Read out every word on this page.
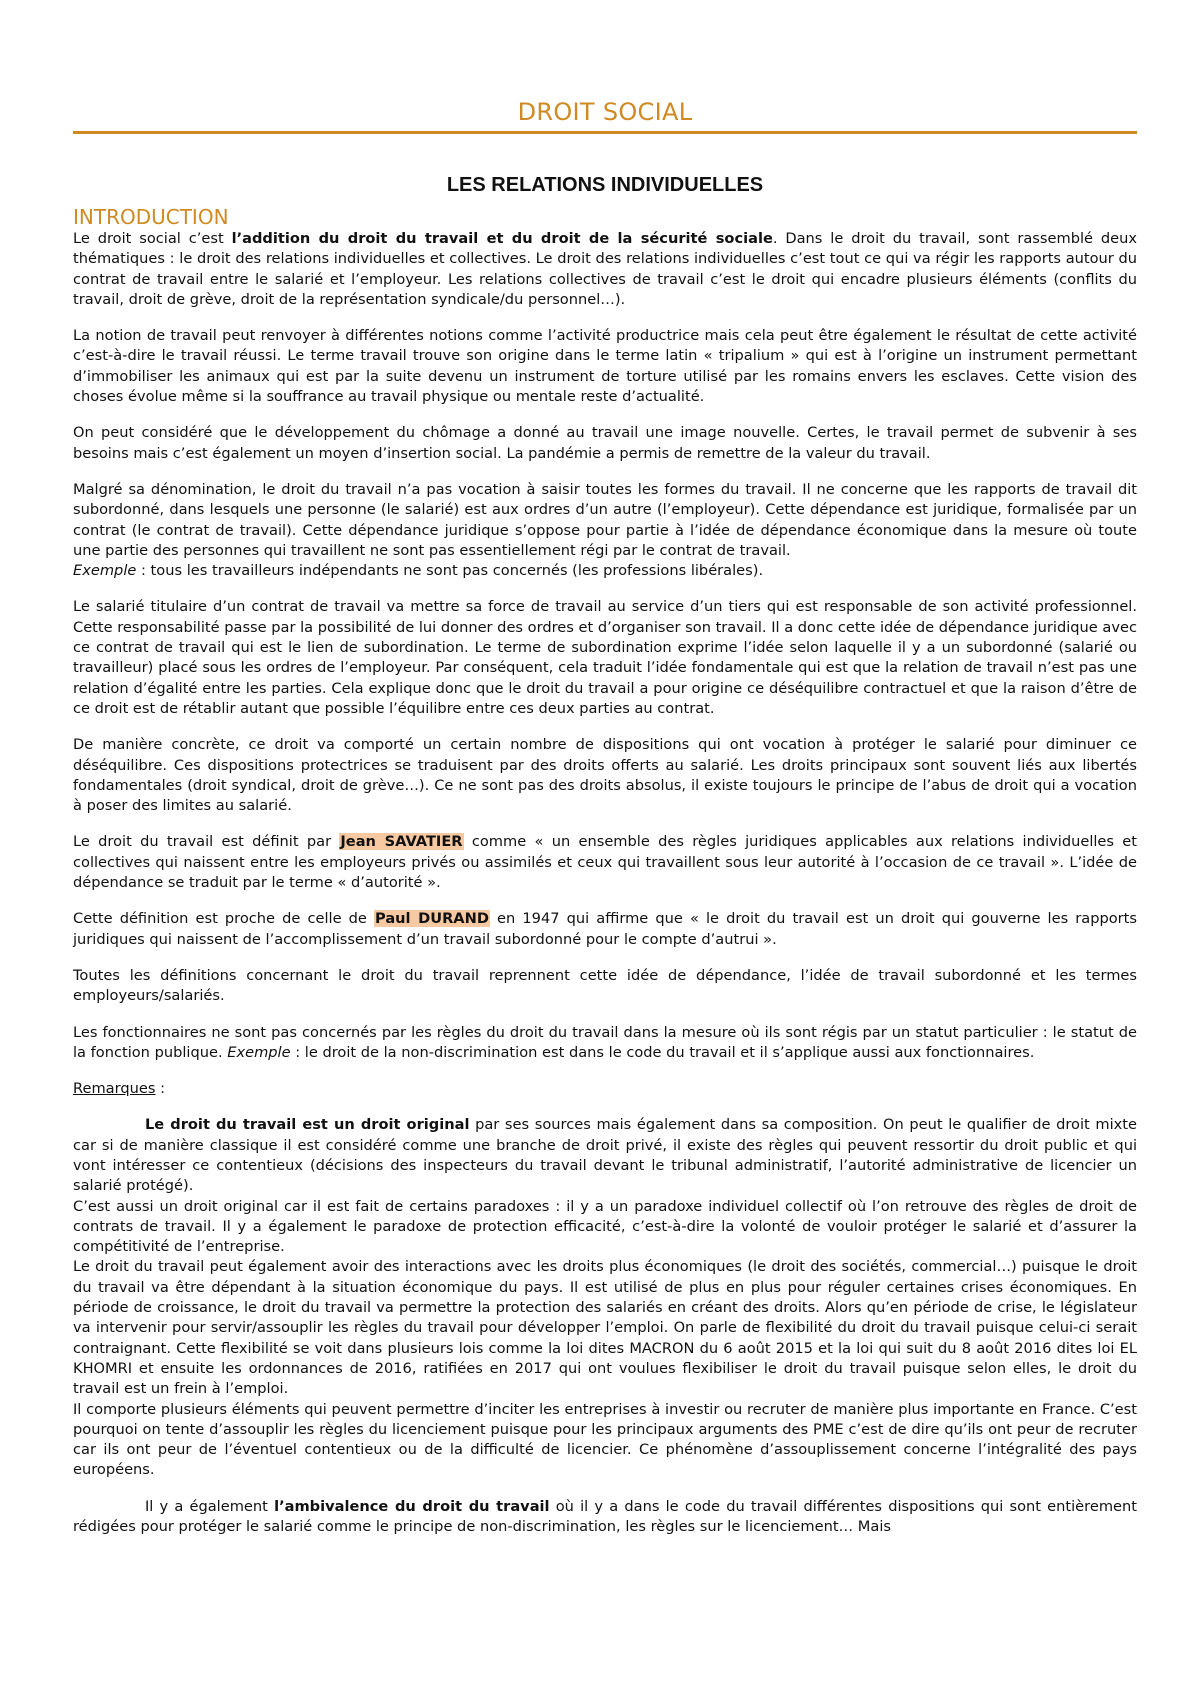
DROIT SOCIAL
LES RELATIONS INDIVIDUELLES
INTRODUCTION

Le droit social c’est l’addition du droit du travail et du droit de la sécurité sociale. Dans le droit du travail, sont rassemblé deux thématiques : le droit des relations individuelles et collectives. Le droit des relations individuelles c’est tout ce qui va régir les rapports autour du contrat de travail entre le salarié et l’employeur. Les relations collectives de travail c’est le droit qui encadre plusieurs éléments (conflits du travail, droit de grève, droit de la représentation syndicale/du personnel…).

La notion de travail peut renvoyer à différentes notions comme l’activité productrice mais cela peut être également le résultat de cette activité c’est-à-dire le travail réussi. Le terme travail trouve son origine dans le terme latin « tripalium » qui est à l’origine un instrument permettant d’immobiliser les animaux qui est par la suite devenu un instrument de torture utilisé par les romains envers les esclaves. Cette vision des choses évolue même si la souffrance au travail physique ou mentale reste d’actualité.

On peut considéré que le développement du chômage a donné au travail une image nouvelle. Certes, le travail permet de subvenir à ses besoins mais c’est également un moyen d’insertion social. La pandémie a permis de remettre de la valeur du travail.

Malgré sa dénomination, le droit du travail n’a pas vocation à saisir toutes les formes du travail. Il ne concerne que les rapports de travail dit subordonné, dans lesquels une personne (le salarié) est aux ordres d’un autre (l’employeur). Cette dépendance est juridique, formalisée par un contrat (le contrat de travail). Cette dépendance juridique s’oppose pour partie à l’idée de dépendance économique dans la mesure où toute une partie des personnes qui travaillent ne sont pas essentiellement régi par le contrat de travail.

Exemple : tous les travailleurs indépendants ne sont pas concernés (les professions libérales).

Le salarié titulaire d’un contrat de travail va mettre sa force de travail au service d’un tiers qui est responsable de son activité professionnel. Cette responsabilité passe par la possibilité de lui donner des ordres et d’organiser son travail. Il a donc cette idée de dépendance juridique avec ce contrat de travail qui est le lien de subordination. Le terme de subordination exprime l’idée selon laquelle il y a un subordonné (salarié ou travailleur) placé sous les ordres de l’employeur. Par conséquent, cela traduit l’idée fondamentale qui est que la relation de travail n’est pas une relation d’égalité entre les parties. Cela explique donc que le droit du travail a pour origine ce déséquilibre contractuel et que la raison d’être de ce droit est de rétablir autant que possible l’équilibre entre ces deux parties au contrat.

De manière concrète, ce droit va comporté un certain nombre de dispositions qui ont vocation à protéger le salarié pour diminuer ce déséquilibre. Ces dispositions protectrices se traduisent par des droits offerts au salarié. Les droits principaux sont souvent liés aux libertés fondamentales (droit syndical, droit de grève…). Ce ne sont pas des droits absolus, il existe toujours le principe de l’abus de droit qui a vocation à poser des limites au salarié.

Le droit du travail est définit par Jean SAVATIER comme « un ensemble des règles juridiques applicables aux relations individuelles et collectives qui naissent entre les employeurs privés ou assimilés et ceux qui travaillent sous leur autorité à l’occasion de ce travail ». L’idée de dépendance se traduit par le terme « d’autorité ».

Cette définition est proche de celle de Paul DURAND en 1947 qui affirme que « le droit du travail est un droit qui gouverne les rapports juridiques qui naissent de l’accomplissement d’un travail subordonné pour le compte d’autrui ».

Toutes les définitions concernant le droit du travail reprennent cette idée de dépendance, l’idée de travail subordonné et les termes employeurs/salariés.

Les fonctionnaires ne sont pas concernés par les règles du droit du travail dans la mesure où ils sont régis par un statut particulier : le statut de la fonction publique. Exemple : le droit de la non-discrimination est dans le code du travail et il s’applique aussi aux fonctionnaires.

Remarques :

Le droit du travail est un droit original par ses sources mais également dans sa composition. On peut le qualifier de droit mixte car si de manière classique il est considéré comme une branche de droit privé, il existe des règles qui peuvent ressortir du droit public et qui vont intéresser ce contentieux (décisions des inspecteurs du travail devant le tribunal administratif, l’autorité administrative de licencier un salarié protégé).

C’est aussi un droit original car il est fait de certains paradoxes : il y a un paradoxe individuel collectif où l’on retrouve des règles de droit de contrats de travail. Il y a également le paradoxe de protection efficacité, c’est-à-dire la volonté de vouloir protéger le salarié et d’assurer la compétitivité de l’entreprise.

Le droit du travail peut également avoir des interactions avec les droits plus économiques (le droit des sociétés, commercial…) puisque le droit du travail va être dépendant à la situation économique du pays. Il est utilisé de plus en plus pour réguler certaines crises économiques. En période de croissance, le droit du travail va permettre la protection des salariés en créant des droits. Alors qu’en période de crise, le législateur va intervenir pour servir/assouplir les règles du travail pour développer l’emploi. On parle de flexibilité du droit du travail puisque celui-ci serait contraignant. Cette flexibilité se voit dans plusieurs lois comme la loi dites MACRON du 6 août 2015 et la loi qui suit du 8 août 2016 dites loi EL KHOMRI et ensuite les ordonnances de 2016, ratifiées en 2017 qui ont voulues flexibiliser le droit du travail puisque selon elles, le droit du travail est un frein à l’emploi.

Il comporte plusieurs éléments qui peuvent permettre d’inciter les entreprises à investir ou recruter de manière plus importante en France. C’est pourquoi on tente d’assouplir les règles du licenciement puisque pour les principaux arguments des PME c’est de dire qu’ils ont peur de recruter car ils ont peur de l’éventuel contentieux ou de la difficulté de licencier. Ce phénomène d’assouplissement concerne l’intégralité des pays européens.

Il y a également l’ambivalence du droit du travail où il y a dans le code du travail différentes dispositions qui sont entièrement rédigées pour protéger le salarié comme le principe de non-discrimination, les règles sur le licenciement… Mais
